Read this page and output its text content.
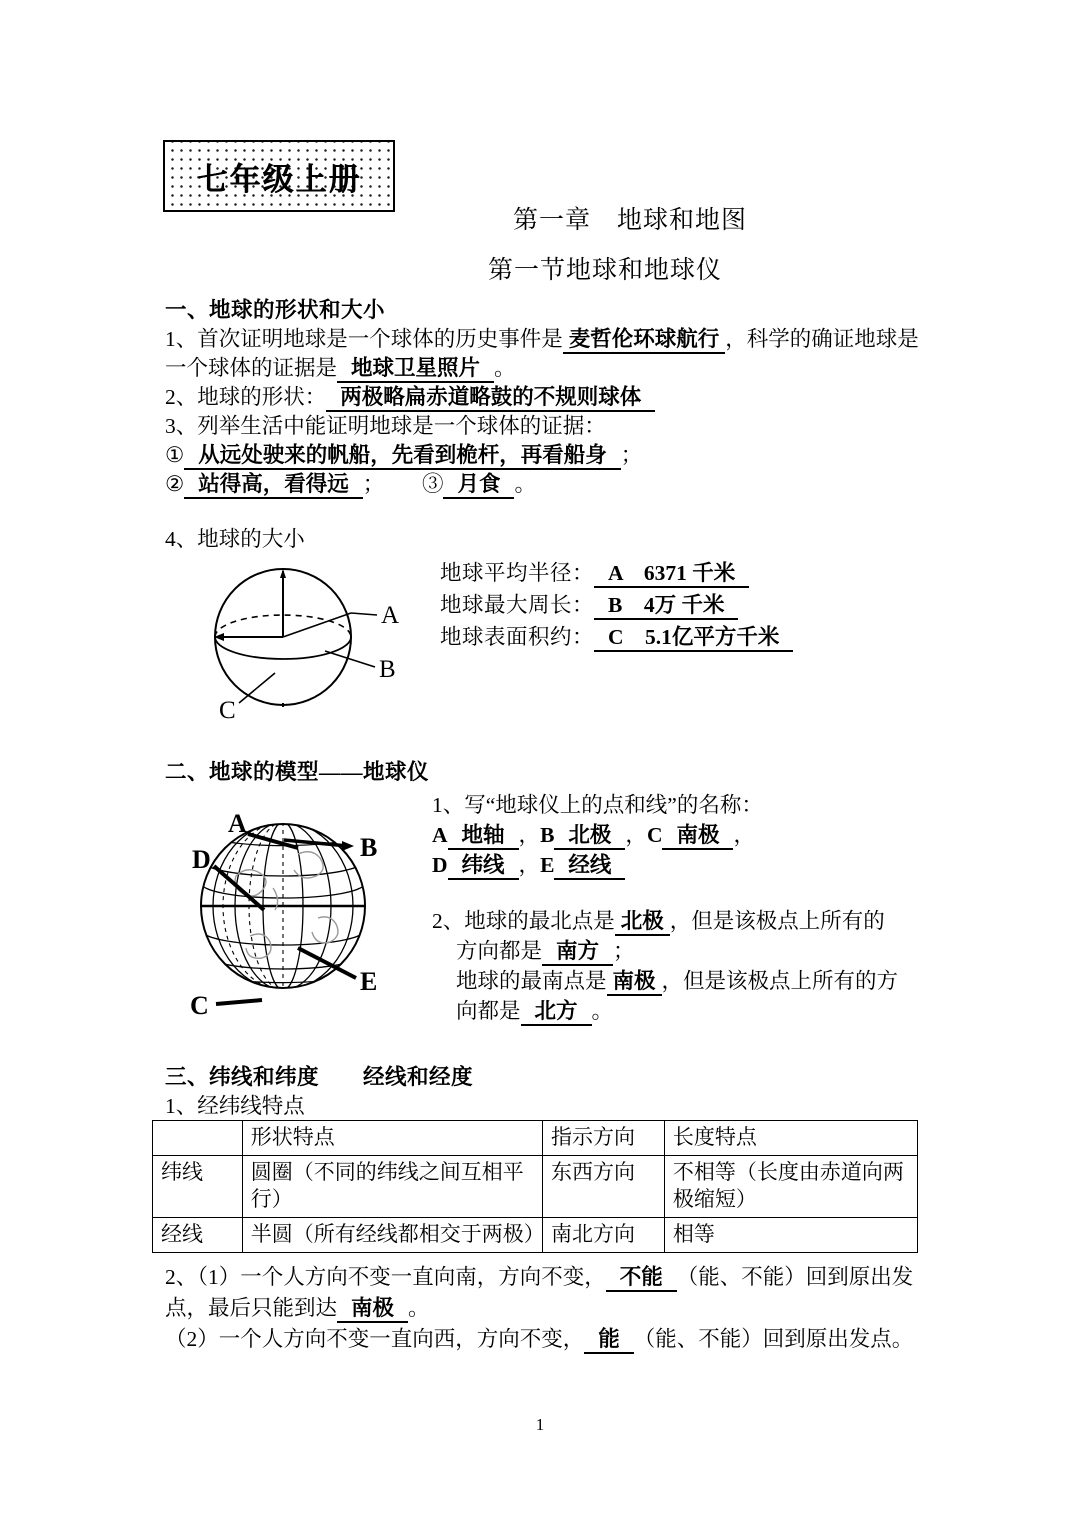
七年级上册
第一章　地球和地图
第一节地球和地球仪
一、地球的形状和大小
1、首次证明地球是一个球体的历史事件是 麦哲伦环球航行 ，科学的确证地球是一个球体的证据是 地球卫星照片 。
2、地球的形状： 两极略扁赤道略鼓的不规则球体
3、列举生活中能证明地球是一个球体的证据：
① 从远处驶来的帆船，先看到桅杆，再看船身 ；
② 站得高，看得远 ； ③ 月食 。
4、地球的大小
A
B
C
地球平均半径： A　6371 千米
地球最大周长： B　4万 千米
地球表面积约： C　5.1亿平方千米
二、地球的模型——地球仪
A
B
D
E
C
1、写“地球仪上的点和线”的名称：
A 地轴 ，B 北极 ，C 南极 ，
D 纬线 ，E 经线
2、地球的最北点是 北极 ，但是该极点上所有的
方向都是 南方 ；
地球的最南点是 南极 ，但是该极点上所有的方
向都是 北方 。
三、纬线和纬度　　经线和经度
1、经纬线特点
	形状特点	指示方向	长度特点
纬线	圆圈（不同的纬线之间互相平行）	东西方向	不相等（长度由赤道向两极缩短）
经线	半圆（所有经线都相交于两极）	南北方向	相等
2、（1）一个人方向不变一直向南，方向不变， 不能 （能、不能）回到原出发点，最后只能到达 南极 。
（2）一个人方向不变一直向西，方向不变， 能 （能、不能）回到原出发点。
1
